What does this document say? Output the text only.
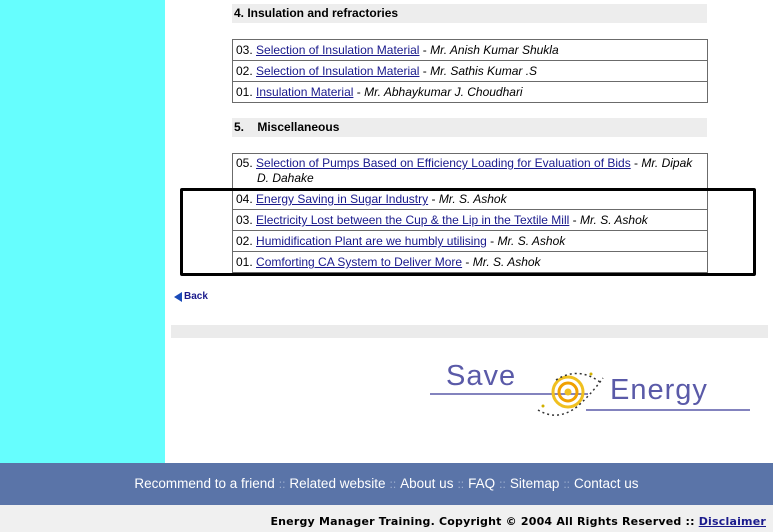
4. Insulation and refractories
03. Selection of Insulation Material - Mr. Anish Kumar Shukla
02. Selection of Insulation Material - Mr. Sathis Kumar .S
01. Insulation Material - Mr. Abhaykumar J. Choudhari
5.    Miscellaneous
05. Selection of Pumps Based on Efficiency Loading for Evaluation of Bids - Mr. Dipak
D. Dahake
04. Energy Saving in Sugar Industry - Mr. S. Ashok
03. Electricity Lost between the Cup & the Lip in the Textile Mill - Mr. S. Ashok
02. Humidification Plant are we humbly utilising - Mr. S. Ashok
01. Comforting CA System to Deliver More - Mr. S. Ashok
Back
Save	Energy
Recommend to a friend :: Related website :: About us :: FAQ :: Sitemap :: Contact us
Energy Manager Training. Copyright © 2004 All Rights Reserved :: Disclaimer
